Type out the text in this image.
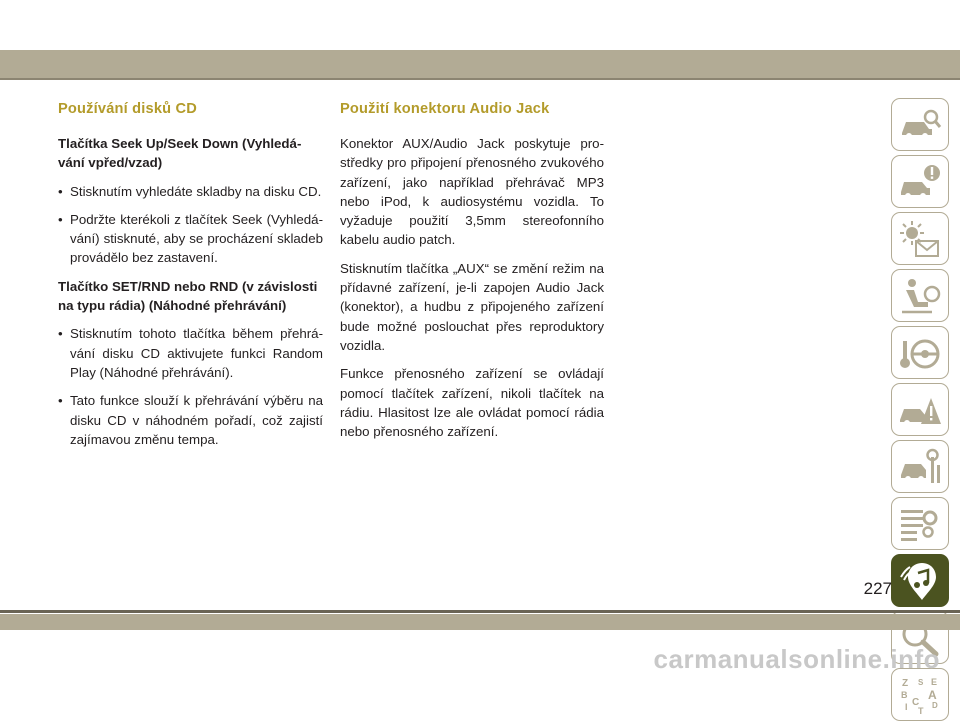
Používání disků CD
Tlačítka Seek Up/Seek Down (Vyhledá-vání vpřed/vzad)
• Stisknutím vyhledáte skladby na disku CD.
• Podržte kterékoli z tlačítek Seek (Vyhledá-vání) stisknuté, aby se procházení skladeb provádělo bez zastavení.
Tlačítko SET/RND nebo RND (v závislosti na typu rádia) (Náhodné přehrávání)
• Stisknutím tohoto tlačítka během přehrá-vání disku CD aktivujete funkci Random Play (Náhodné přehrávání).
• Tato funkce slouží k přehrávání výběru na disku CD v náhodném pořadí, což zajistí zajímavou změnu tempa.
Použití konektoru Audio Jack

Konektor AUX/Audio Jack poskytuje pro-středky pro připojení přenosného zvukového zařízení, jako například přehrávač MP3 nebo iPod, k audiosystému vozidla. To vyžaduje použití 3,5mm stereofonního kabelu audio patch.

Stisknutím tlačítka „AUX“ se změní režim na přídavné zařízení, je-li zapojen Audio Jack (konektor), a hudbu z připojeného zařízení bude možné poslouchat přes reproduktory vozidla.

Funkce přenosného zařízení se ovládají pomocí tlačítek zařízení, nikoli tlačítek na rádiu. Hlasitost lze ale ovládat pomocí rádia nebo přenosného zařízení.

Z S E
B A
C D
I T
227
carmanualsonline.info
